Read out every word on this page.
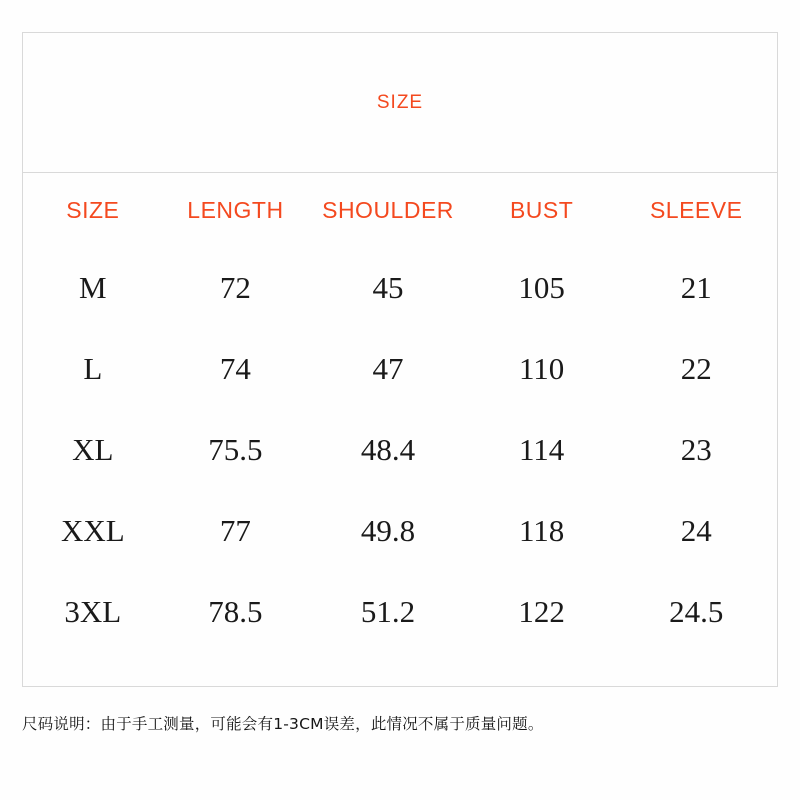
SIZE
SIZE	LENGTH	SHOULDER	BUST	SLEEVE
M	72	45	105	21
L	74	47	110	22
XL	75.5	48.4	114	23
XXL	77	49.8	118	24
3XL	78.5	51.2	122	24.5
尺码说明：由于手工测量，可能会有1-3CM误差，此情况不属于质量问题。
